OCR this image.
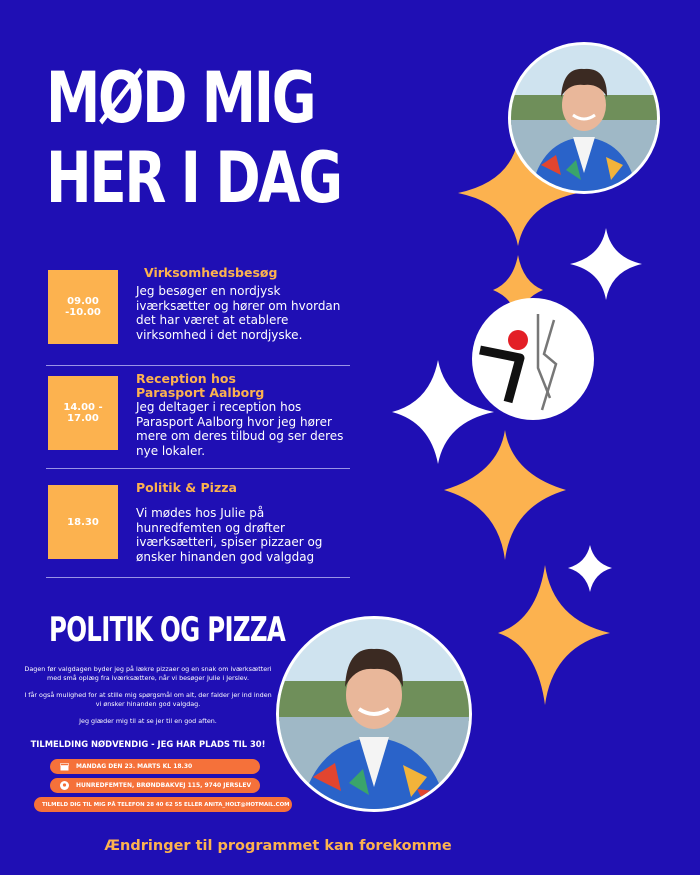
MØD MIG
HER I DAG
09.00 -10.00
Virksomhedsbesøg
Jeg besøger en nordjysk iværksætter og hører om hvordan det har været at etablere virksomhed i det nordjyske.
14.00 - 17.00
Reception hos Parasport Aalborg
Jeg deltager i reception hos Parasport Aalborg hvor jeg hører mere om deres tilbud og ser deres nye lokaler.
18.30
Politik & Pizza
Vi mødes hos Julie på hunredfemten og drøfter iværksætteri, spiser pizzaer og ønsker hinanden god valgdag
POLITIK OG PIZZA
Dagen før valgdagen byder jeg på lækre pizzaer og en snak om iværksætteri med små oplæg fra iværksættere, når vi besøger Julie i Jerslev.
I får også mulighed for at stille mig spørgsmål om alt, der falder jer ind inden vi ønsker hinanden god valgdag.
Jeg glæder mig til at se jer til en god aften.
TILMELDING NØDVENDIG - JEG HAR PLADS TIL 30!
MANDAG DEN 23. MARTS KL 18.30
HUNREDFEMTEN, BRØNDBAKVEJ 115, 9740 JERSLEV
TILMELD DIG TIL MIG PÅ TELEFON 28 40 62 55 ELLER ANITA_HOLT@HOTMAIL.COM
Ændringer til programmet kan forekomme
